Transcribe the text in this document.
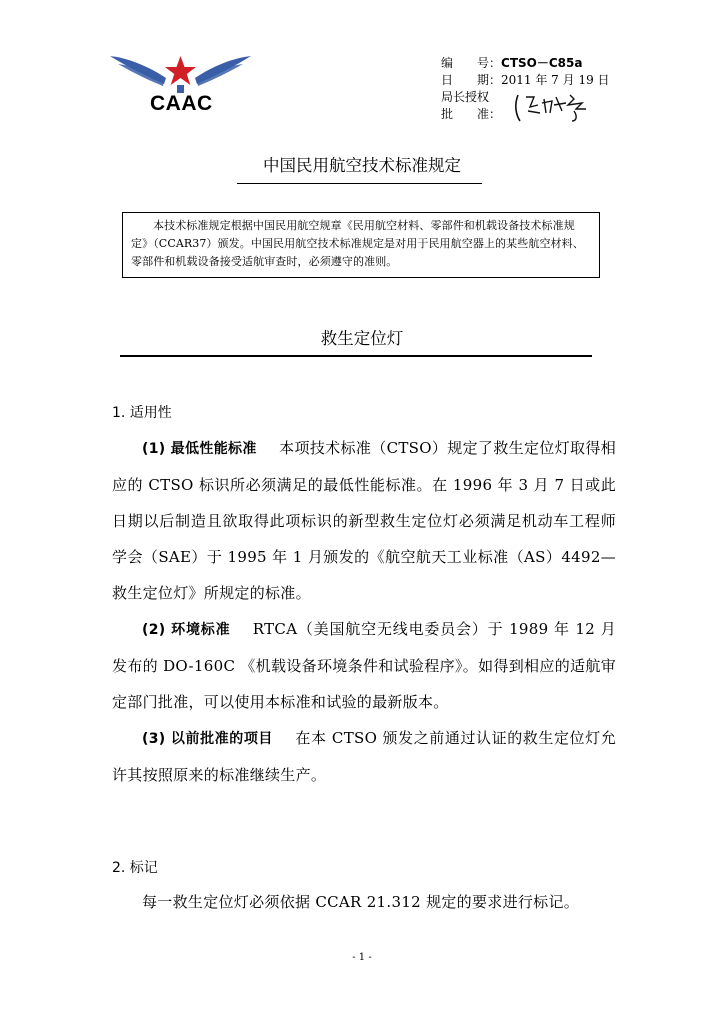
CAAC
编　　号：CTSO－C85a
日　　期：2011 年 7 月 19 日
局长授权
批　　准：
中国民用航空技术标准规定

本技术标准规定根据中国民用航空规章《民用航空材料、零部件和机载设备技术标准规定》（CCAR37）颁发。中国民用航空技术标准规定是对用于民用航空器上的某些航空材料、零部件和机载设备接受适航审查时，必须遵守的准则。

救生定位灯
1. 适用性

(1) 最低性能标准 本项技术标准（CTSO）规定了救生定位灯取得相应的 CTSO 标识所必须满足的最低性能标准。在 1996 年 3 月 7 日或此日期以后制造且欲取得此项标识的新型救生定位灯必须满足机动车工程师学会（SAE）于 1995 年 1 月颁发的《航空航天工业标准（AS）4492—救生定位灯》所规定的标准。

(2) 环境标准 RTCA（美国航空无线电委员会）于 1989 年 12 月发布的 DO-160C 《机载设备环境条件和试验程序》。如得到相应的适航审定部门批准，可以使用本标准和试验的最新版本。

(3) 以前批准的项目 在本 CTSO 颁发之前通过认证的救生定位灯允许其按照原来的标准继续生产。

2. 标记

每一救生定位灯必须依据 CCAR 21.312 规定的要求进行标记。

- 1 -
